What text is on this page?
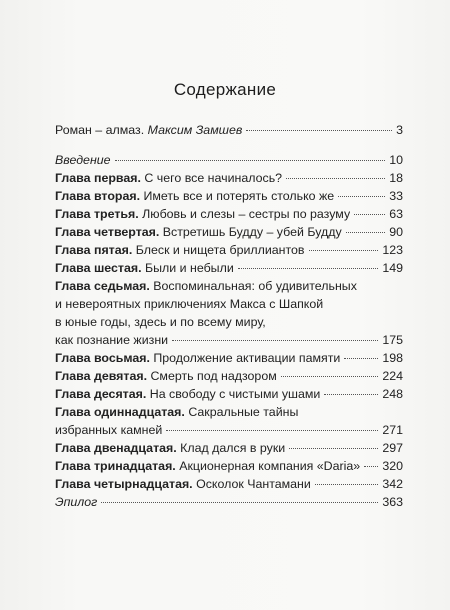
Содержание
Роман – алмаз. Максим Замшев	3
Введение	10
Глава первая. С чего все начиналось?	18
Глава вторая. Иметь все и потерять столько же	33
Глава третья. Любовь и слезы – сестры по разуму	63
Глава четвертая. Встретишь Будду – убей Будду	90
Глава пятая. Блеск и нищета бриллиантов	123
Глава шестая. Были и небыли	149
Глава седьмая. Воспоминальная: об удивительных
и невероятных приключениях Макса с Шапкой
в юные годы, здесь и по всему миру,
как познание жизни	175
Глава восьмая. Продолжение активации памяти	198
Глава девятая. Смерть под надзором	224
Глава десятая. На свободу с чистыми ушами	248
Глава одиннадцатая. Сакральные тайны
избранных камней	271
Глава двенадцатая. Клад дался в руки	297
Глава тринадцатая. Акционерная компания «Daria» 320
Глава четырнадцатая. Осколок Чантамани	342
Эпилог	363
